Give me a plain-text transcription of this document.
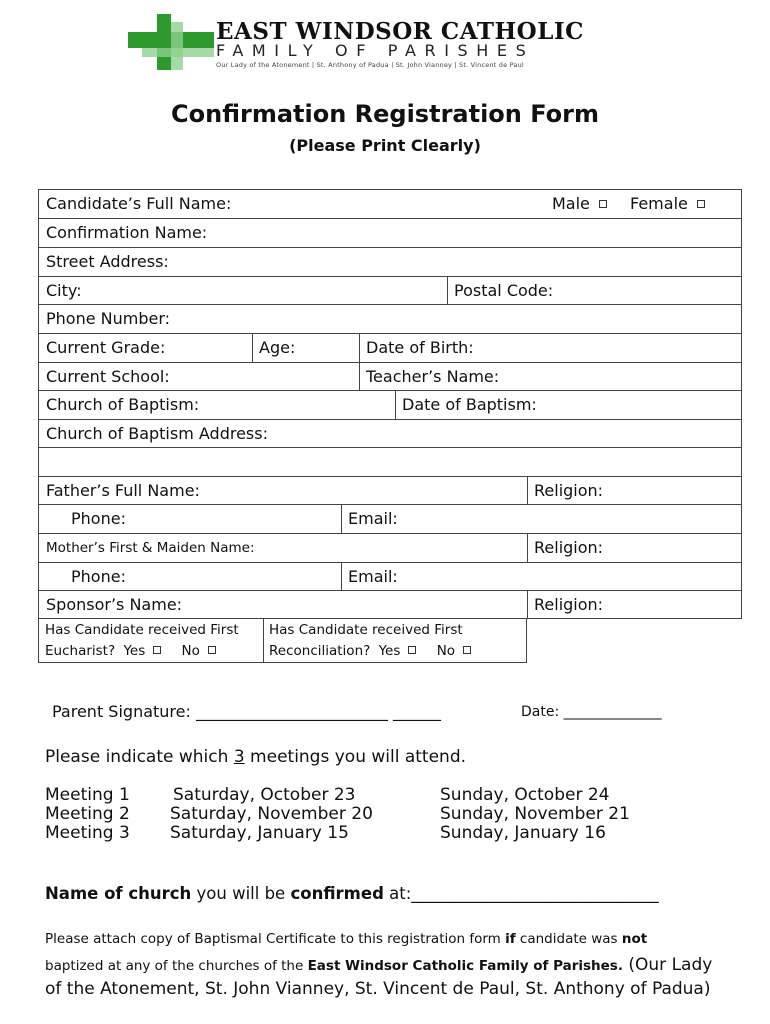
EAST WINDSOR CATHOLIC
FAMILY OF PARISHES
Our Lady of the Atonement | St. Anthony of Padua | St. John Vianney | St. Vincent de Paul
Confirmation Registration Form
(Please Print Clearly)
Candidate’s Full Name:	Male	Female
Confirmation Name:
Street Address:
City:	Postal Code:
Phone Number:
Current Grade:	Age:	Date of Birth:
Current School:	Teacher’s Name:
Church of Baptism:	Date of Baptism:
Church of Baptism Address:
Father’s Full Name:	Religion:
Phone:	Email:
Mother’s First & Maiden Name:	Religion:
Phone:	Email:
Sponsor’s Name:	Religion:
Has Candidate received First
Eucharist? Yes	No
Has Candidate received First
Reconciliation? Yes	No
Parent Signature: ________________________ ______	Date: ______________
Please indicate which 3 meetings you will attend.
Meeting 1	Saturday, October 23	Sunday, October 24
Meeting 2 Saturday, November 20	Sunday, November 21
Meeting 3 Saturday, January 15	Sunday, January 16
Name of church you will be confirmed at:______________________________
Please attach copy of Baptismal Certificate to this registration form if candidate was not
baptized at any of the churches of the East Windsor Catholic Family of Parishes. (Our Lady
of the Atonement, St. John Vianney, St. Vincent de Paul, St. Anthony of Padua)
